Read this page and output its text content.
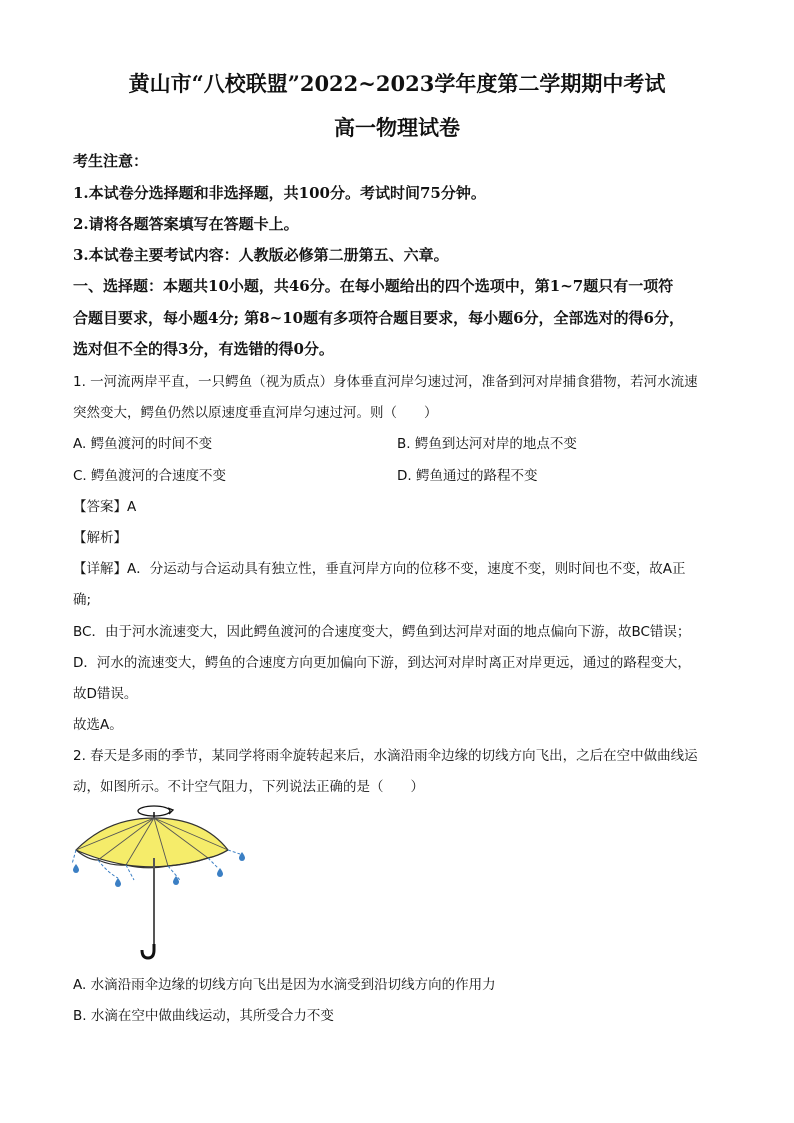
黄山市“八校联盟”2022~2023学年度第二学期期中考试
高一物理试卷
考生注意：
1.本试卷分选择题和非选择题，共100分。考试时间75分钟。
2.请将各题答案填写在答题卡上。
3.本试卷主要考试内容：人教版必修第二册第五、六章。
一、选择题：本题共10小题，共46分。在每小题给出的四个选项中，第1~7题只有一项符
合题目要求，每小题4分; 第8~10题有多项符合题目要求，每小题6分，全部选对的得6分，
选对但不全的得3分，有选错的得0分。
1. 一河流两岸平直，一只鳄鱼（视为质点）身体垂直河岸匀速过河，准备到河对岸捕食猎物，若河水流速
突然变大，鳄鱼仍然以原速度垂直河岸匀速过河。则（　　）
A. 鳄鱼渡河的时间不变	B. 鳄鱼到达河对岸的地点不变
C. 鳄鱼渡河的合速度不变	D. 鳄鱼通过的路程不变
【答案】A
【解析】
【详解】A．分运动与合运动具有独立性，垂直河岸方向的位移不变，速度不变，则时间也不变，故A正
确;
BC．由于河水流速变大，因此鳄鱼渡河的合速度变大，鳄鱼到达河岸对面的地点偏向下游，故BC错误；
D．河水的流速变大，鳄鱼的合速度方向更加偏向下游，到达河对岸时离正对岸更远，通过的路程变大，
故D错误。
故选A。
2. 春天是多雨的季节，某同学将雨伞旋转起来后，水滴沿雨伞边缘的切线方向飞出，之后在空中做曲线运
动，如图所示。不计空气阻力，下列说法正确的是（　　）
A. 水滴沿雨伞边缘的切线方向飞出是因为水滴受到沿切线方向的作用力
B. 水滴在空中做曲线运动，其所受合力不变
